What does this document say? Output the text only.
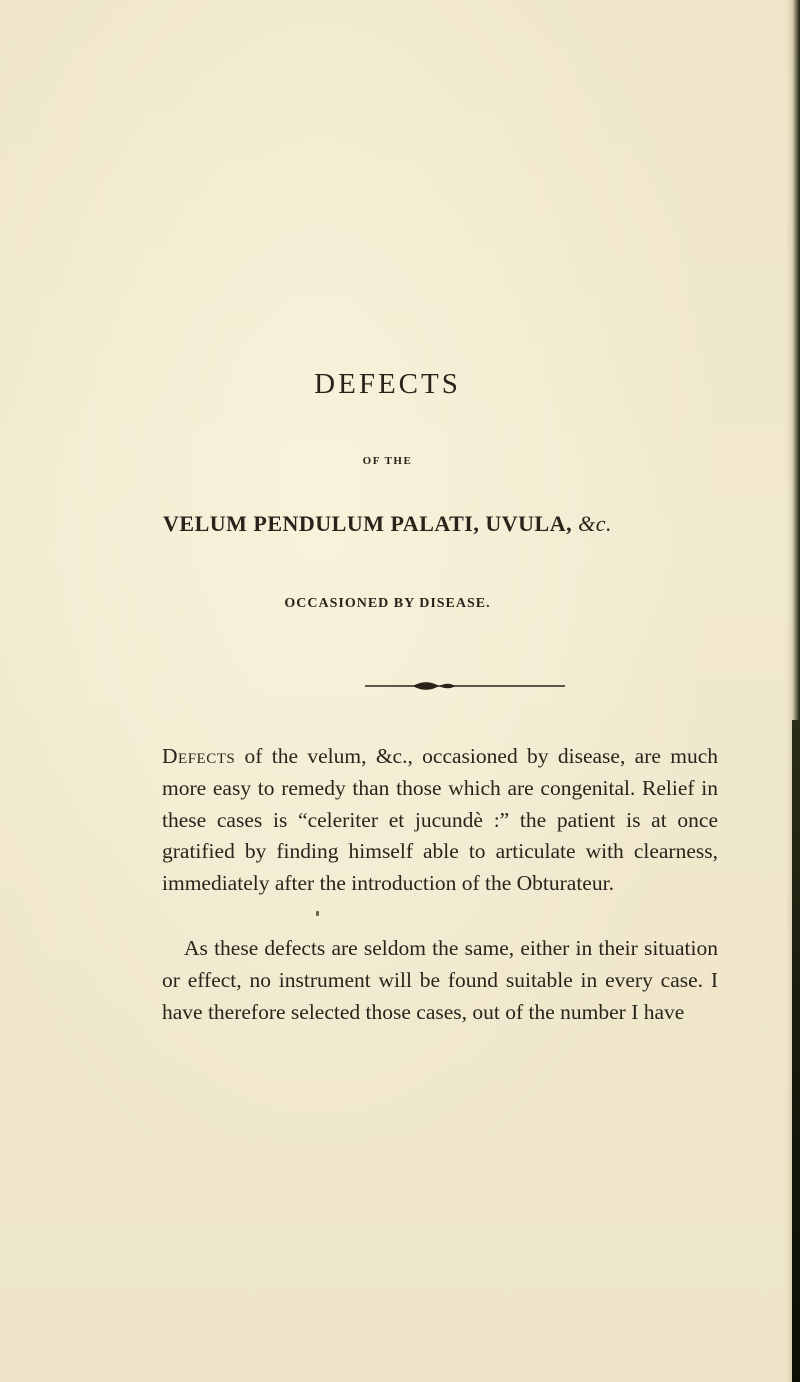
DEFECTS
OF THE
VELUM PENDULUM PALATI, UVULA, &c.
OCCASIONED BY DISEASE.

Defects of the velum, &c., occasioned by disease, are much more easy to remedy than those which are congenital. Relief in these cases is “celeriter et jucundè :” the patient is at once gratified by finding himself able to articulate with clearness, immediately after the introduction of the Obturateur.

As these defects are seldom the same, either in their situation or effect, no instrument will be found suitable in every case. I have therefore selected those cases, out of the number I have
